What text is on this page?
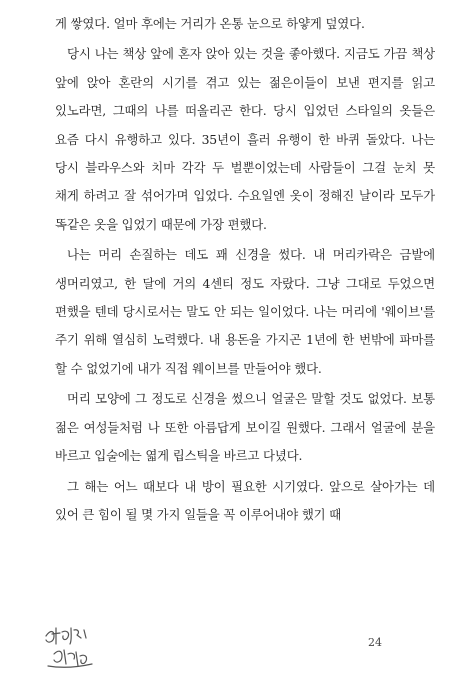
게 쌓였다. 얼마 후에는 거리가 온통 눈으로 하얗게 덮였다.

당시 나는 책상 앞에 혼자 앉아 있는 것을 좋아했다. 지금도 가끔 책상 앞에 앉아 혼란의 시기를 겪고 있는 젊은이들이 보낸 편지를 읽고 있노라면, 그때의 나를 떠올리곤 한다. 당시 입었던 스타일의 옷들은 요즘 다시 유행하고 있다. 35년이 흘러 유행이 한 바퀴 돌았다. 나는 당시 블라우스와 치마 각각 두 벌뿐이었는데 사람들이 그걸 눈치 못 채게 하려고 잘 섞어가며 입었다. 수요일엔 옷이 정해진 날이라 모두가 똑같은 옷을 입었기 때문에 가장 편했다.

나는 머리 손질하는 데도 꽤 신경을 썼다. 내 머리카락은 금발에 생머리였고, 한 달에 거의 4센티 정도 자랐다. 그냥 그대로 두었으면 편했을 텐데 당시로서는 말도 안 되는 일이었다. 나는 머리에 '웨이브'를 주기 위해 열심히 노력했다. 내 용돈을 가지곤 1년에 한 번밖에 파마를 할 수 없었기에 내가 직접 웨이브를 만들어야 했다.

머리 모양에 그 정도로 신경을 썼으니 얼굴은 말할 것도 없었다. 보통 젊은 여성들처럼 나 또한 아름답게 보이길 원했다. 그래서 얼굴에 분을 바르고 입술에는 엷게 립스틱을 바르고 다녔다.

그 해는 어느 때보다 내 방이 필요한 시기였다. 앞으로 살아가는 데 있어 큰 힘이 될 몇 가지 일들을 꼭 이루어내야 했기 때

24
